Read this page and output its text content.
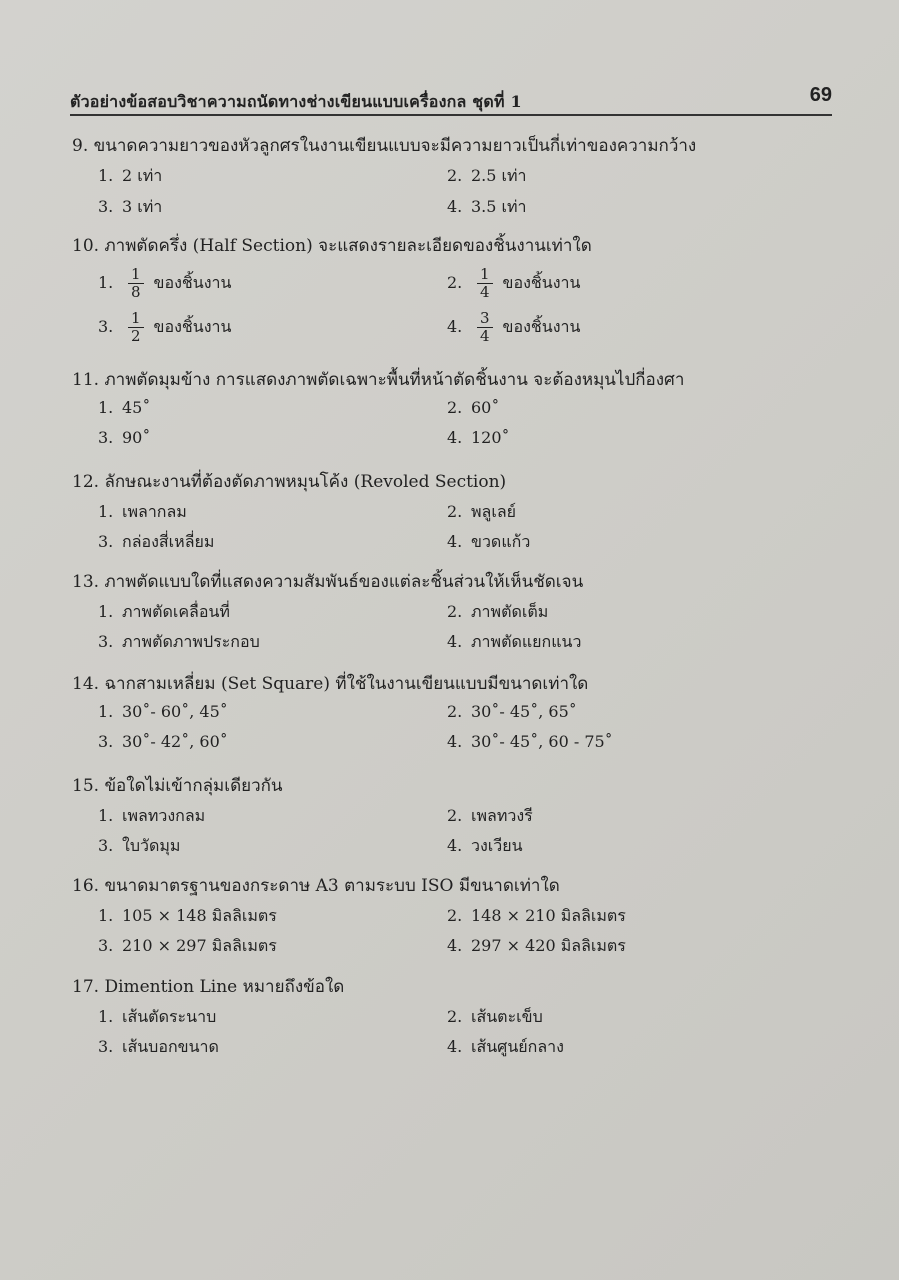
ตัวอย่างข้อสอบวิชาความถนัดทางช่างเขียนแบบเครื่องกล ชุดที่ 1	69
9. ขนาดความยาวของหัวลูกศรในงานเขียนแบบจะมีความยาวเป็นกี่เท่าของความกว้าง
1. 2 เท่า	2. 2.5 เท่า
3. 3 เท่า	4. 3.5 เท่า
10. ภาพตัดครึ่ง (Half Section) จะแสดงรายละเอียดของชิ้นงานเท่าใด
1. $\frac{1}{8}$ ของชิ้นงาน	2. $\frac{1}{4}$ ของชิ้นงาน
3. $\frac{1}{2}$ ของชิ้นงาน	4. $\frac{3}{4}$ ของชิ้นงาน
11. ภาพตัดมุมข้าง การแสดงภาพตัดเฉพาะพื้นที่หน้าตัดชิ้นงาน จะต้องหมุนไปกี่องศา
1. 45˚	2. 60˚
3. 90˚	4. 120˚
12. ลักษณะงานที่ต้องตัดภาพหมุนโค้ง (Revoled Section)
1. เพลากลม	2. พลูเลย์
3. กล่องสี่เหลี่ยม	4. ขวดแก้ว
13. ภาพตัดแบบใดที่แสดงความสัมพันธ์ของแต่ละชิ้นส่วนให้เห็นชัดเจน
1. ภาพตัดเคลื่อนที่	2. ภาพตัดเต็ม
3. ภาพตัดภาพประกอบ	4. ภาพตัดแยกแนว
14. ฉากสามเหลี่ยม (Set Square) ที่ใช้ในงานเขียนแบบมีขนาดเท่าใด
1. 30˚- 60˚, 45˚	2. 30˚- 45˚, 65˚
3. 30˚- 42˚, 60˚	4. 30˚- 45˚, 60 - 75˚
15. ข้อใดไม่เข้ากลุ่มเดียวกัน
1. เพลทวงกลม	2. เพลทวงรี
3. ใบวัดมุม	4. วงเวียน
16. ขนาดมาตรฐานของกระดาษ A3 ตามระบบ ISO มีขนาดเท่าใด
1. 105 × 148 มิลลิเมตร	2. 148 × 210 มิลลิเมตร
3. 210 × 297 มิลลิเมตร	4. 297 × 420 มิลลิเมตร
17. Dimention Line หมายถึงข้อใด
1. เส้นตัดระนาบ	2. เส้นตะเข็บ
3. เส้นบอกขนาด	4. เส้นศูนย์กลาง
